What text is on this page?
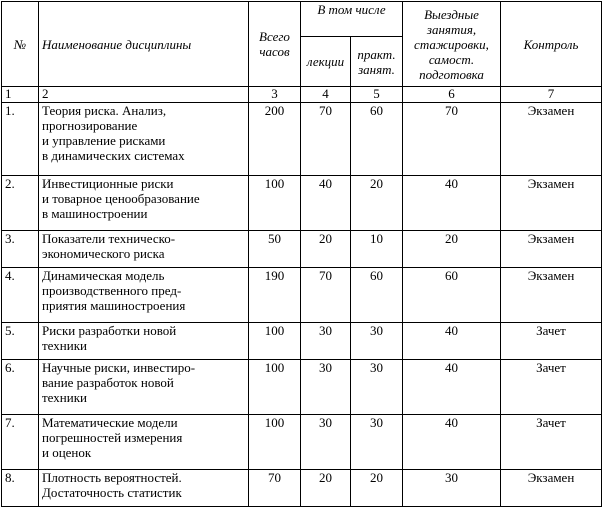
№	Наименование дисциплины	Всего
часов	В том числе		Выездные
занятия,
стажировки,
самост.
подготовка	Контроль
			лекции	практ.
занят.		

1	2	3	4	5	6	7
1.	Теория риска. Анализ,
прогнозирование
и управление рисками
в динамических системах	200	70	60	70	Экзамен
2.	Инвестиционные риски
и товарное ценообразование
в машиностроении	100	40	20	40	Экзамен
3.	Показатели техническо-
экономического риска	50	20	10	20	Экзамен
4.	Динамическая модель
производственного пред-
приятия машиностроения	190	70	60	60	Экзамен
5.	Риски разработки новой
техники	100	30	30	40	Зачет
6.	Научные риски, инвестиро-
вание разработок новой
техники	100	30	30	40	Зачет
7.	Математические модели
погрешностей измерения
и оценок	100	30	30	40	Зачет
8.	Плотность вероятностей.
Достаточность статистик	70	20	20	30	Экзамен
